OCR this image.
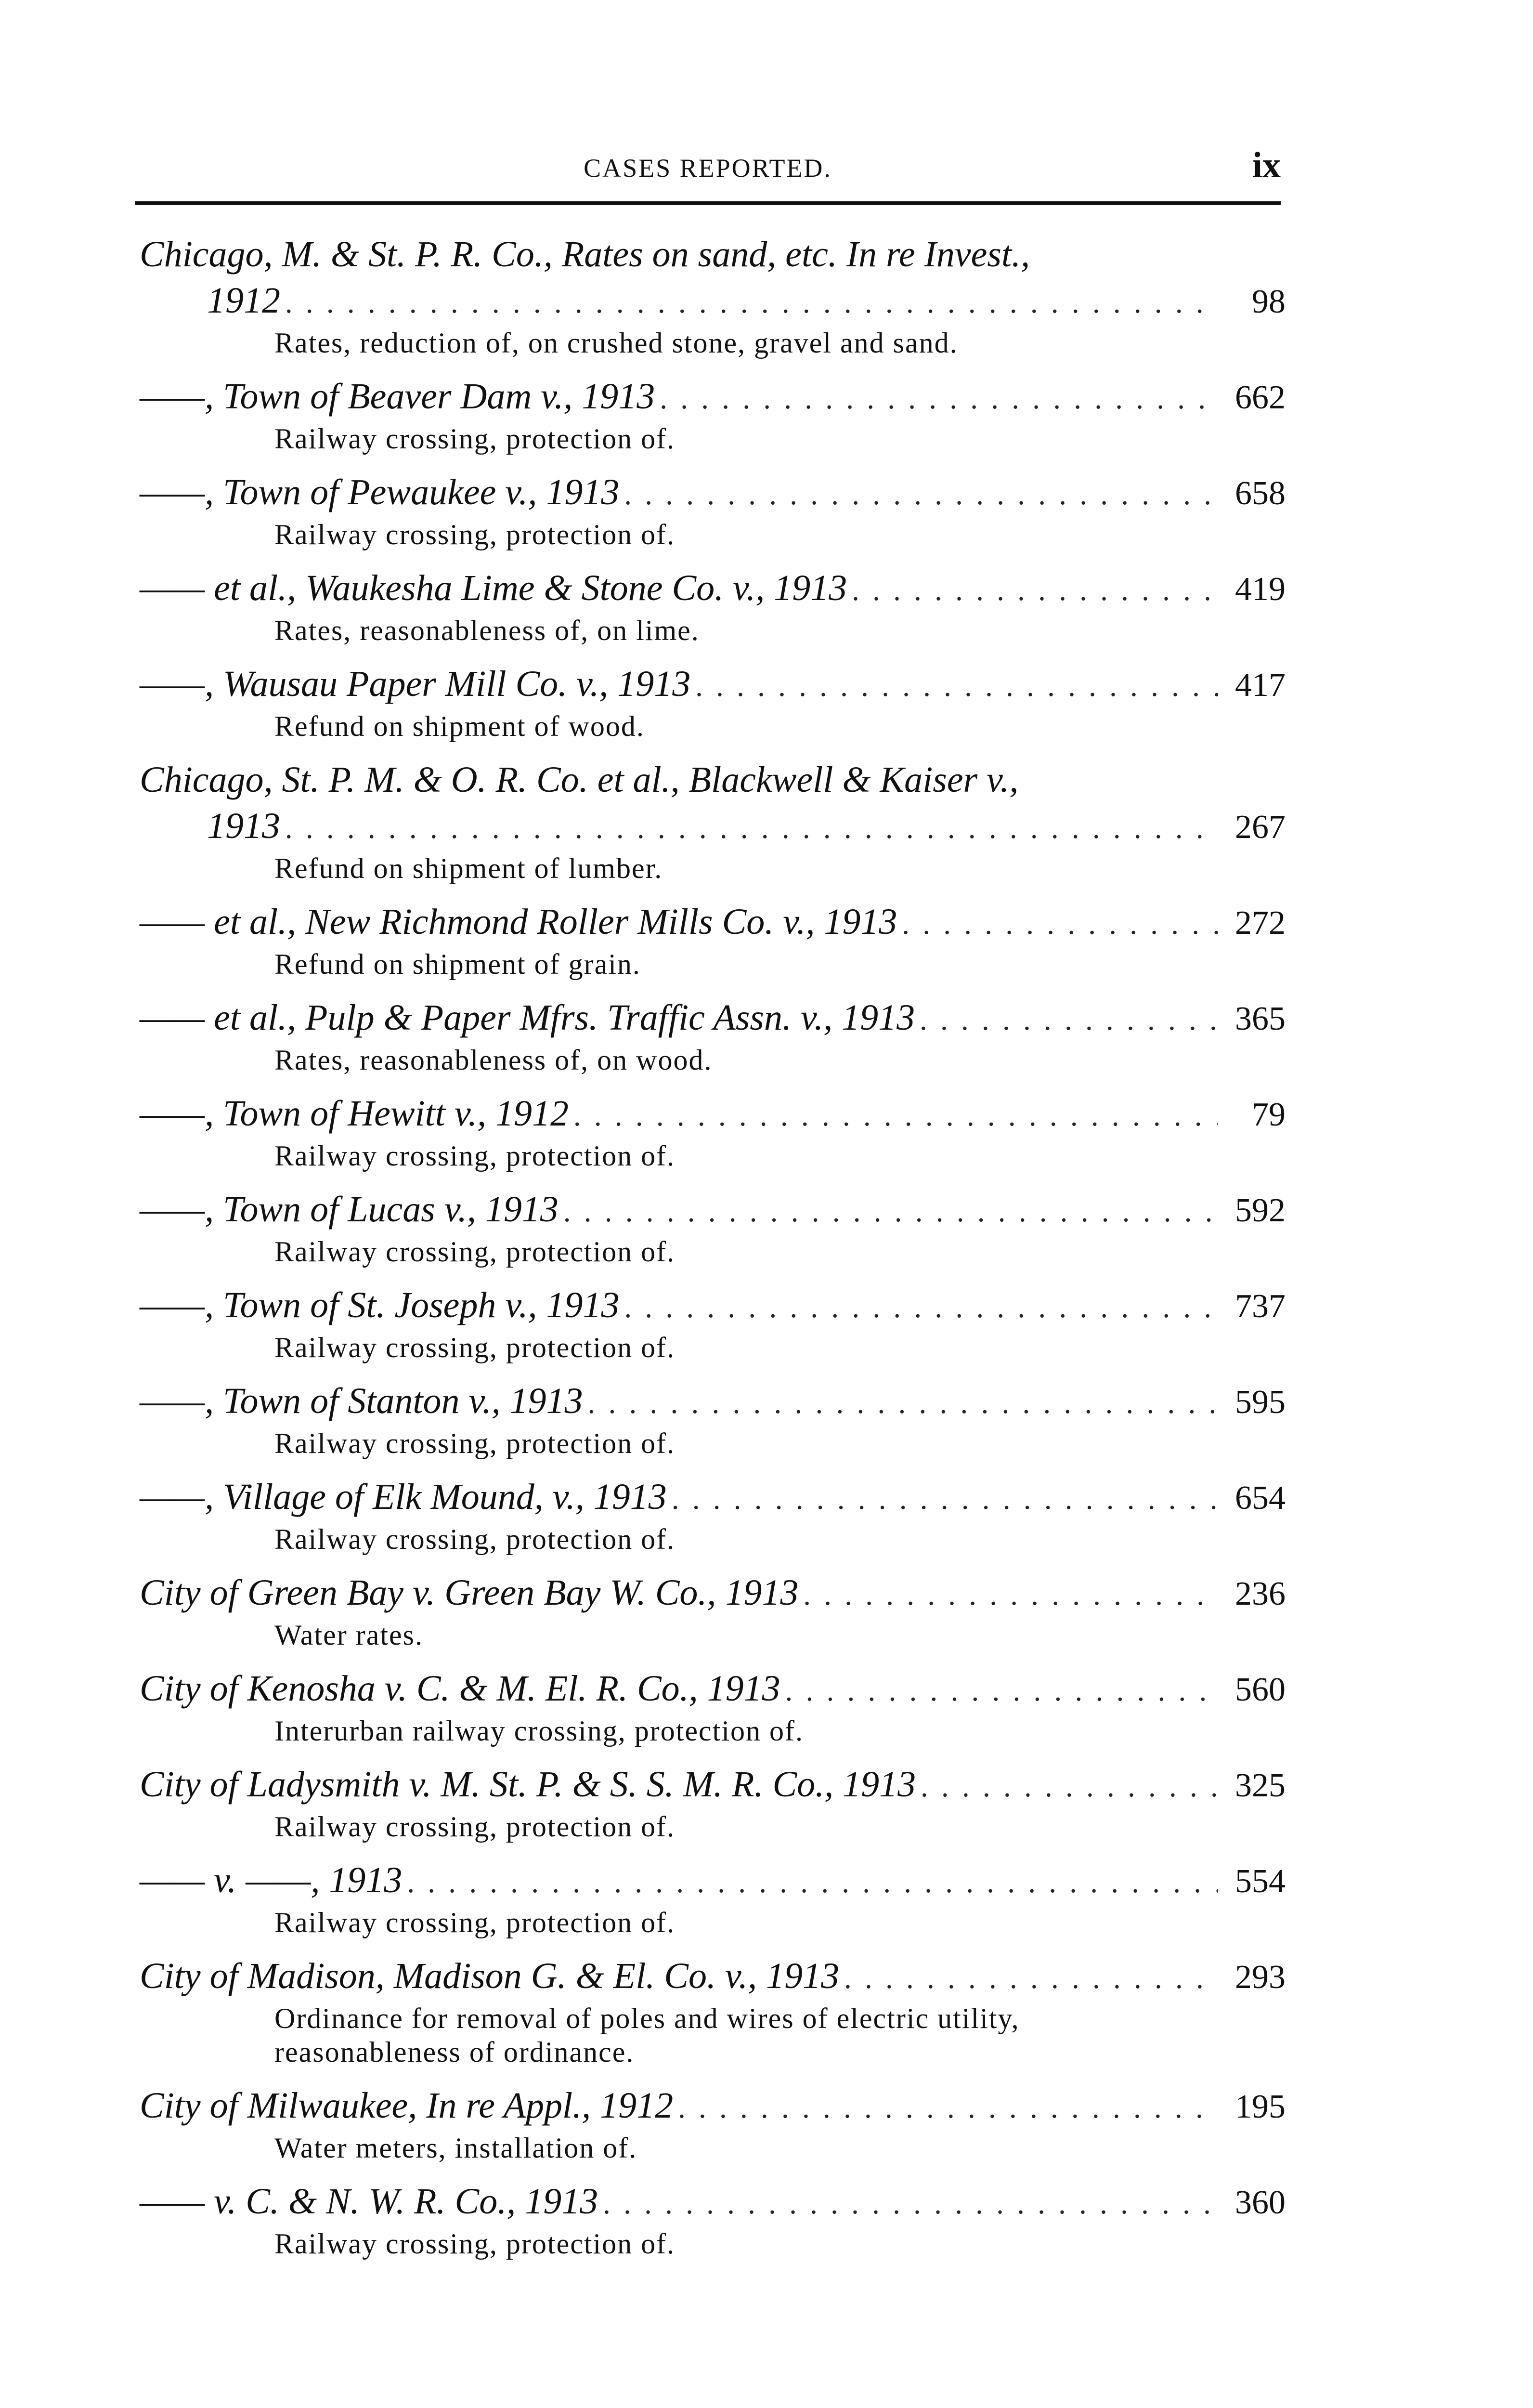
CASES REPORTED.	ix
Chicago, M. & St. P. R. Co., Rates on sand, etc. In re Invest.,
1912 . . .	98
Rates, reduction of, on crushed stone, gravel and sand.
——, Town of Beaver Dam v., 1913 . . .	662
Railway crossing, protection of.
——, Town of Pewaukee v., 1913 . . .	658
Railway crossing, protection of.
—— et al., Waukesha Lime & Stone Co. v., 1913 . . .	419
Rates, reasonableness of, on lime.
——, Wausau Paper Mill Co. v., 1913 . . .	417
Refund on shipment of wood.
Chicago, St. P. M. & O. R. Co. et al., Blackwell & Kaiser v.,
1913 . . .	267
Refund on shipment of lumber.
—— et al., New Richmond Roller Mills Co. v., 1913 . . .	272
Refund on shipment of grain.
—— et al., Pulp & Paper Mfrs. Traffic Assn. v., 1913 . . .	365
Rates, reasonableness of, on wood.
——, Town of Hewitt v., 1912 . . .	79
Railway crossing, protection of.
——, Town of Lucas v., 1913 . . .	592
Railway crossing, protection of.
——, Town of St. Joseph v., 1913 . . .	737
Railway crossing, protection of.
——, Town of Stanton v., 1913 . . .	595
Railway crossing, protection of.
——, Village of Elk Mound, v., 1913 . . .	654
Railway crossing, protection of.
City of Green Bay v. Green Bay W. Co., 1913 . . .	236
Water rates.
City of Kenosha v. C. & M. El. R. Co., 1913 . . .	560
Interurban railway crossing, protection of.
City of Ladysmith v. M. St. P. & S. S. M. R. Co., 1913 . . .	325
Railway crossing, protection of.
—— v. ——, 1913 . . .	554
Railway crossing, protection of.
City of Madison, Madison G. & El. Co. v., 1913 . . .	293
Ordinance for removal of poles and wires of electric utility, reasonableness of ordinance.
City of Milwaukee, In re Appl., 1912 . . .	195
Water meters, installation of.
—— v. C. & N. W. R. Co., 1913 . . .	360
Railway crossing, protection of.
